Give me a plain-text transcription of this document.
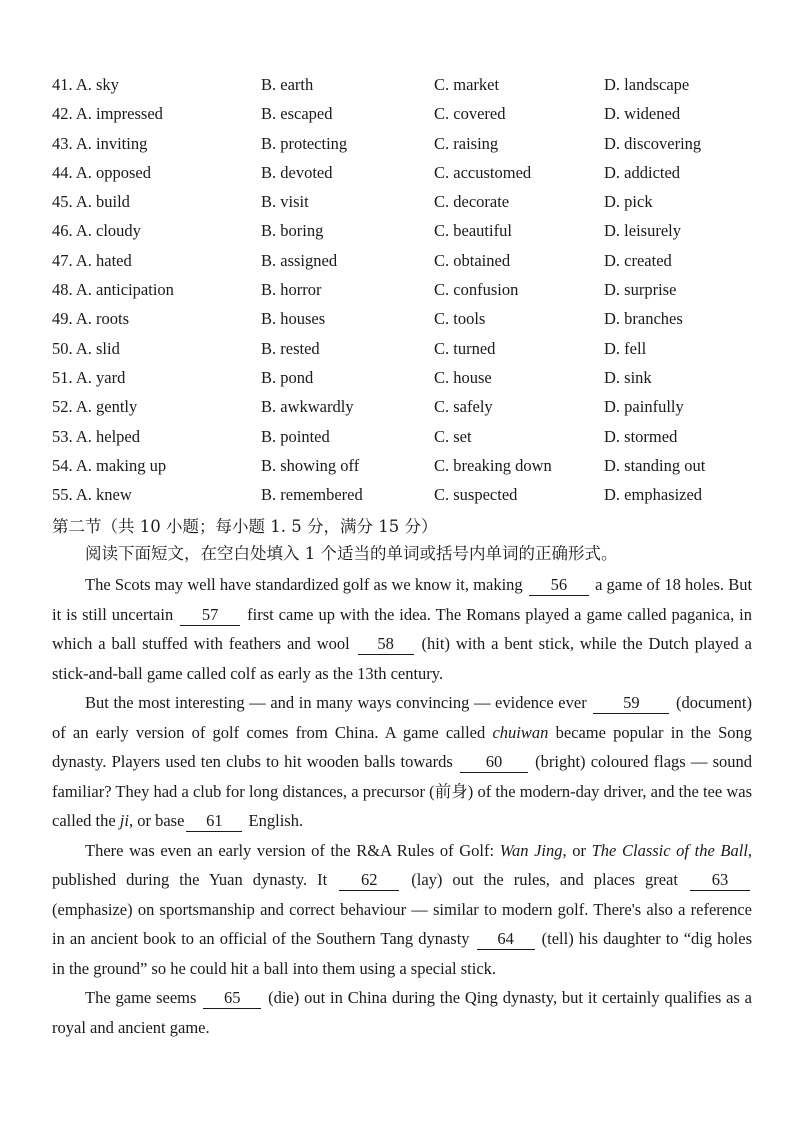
41. A. sky	B. earth	C. market	D. landscape
42. A. impressed	B. escaped	C. covered	D. widened
43. A. inviting	B. protecting	C. raising	D. discovering
44. A. opposed	B. devoted	C. accustomed	D. addicted
45. A. build	B. visit	C. decorate	D. pick
46. A. cloudy	B. boring	C. beautiful	D. leisurely
47. A. hated	B. assigned	C. obtained	D. created
48. A. anticipation	B. horror	C. confusion	D. surprise
49. A. roots	B. houses	C. tools	D. branches
50. A. slid	B. rested	C. turned	D. fell
51. A. yard	B. pond	C. house	D. sink
52. A. gently	B. awkwardly	C. safely	D. painfully
53. A. helped	B. pointed	C. set	D. stormed
54. A. making up	B. showing off	C. breaking down	D. standing out
55. A. knew	B. remembered	C. suspected	D. emphasized
第二节（共 10 小题；每小题 1. 5 分，满分 15 分）
阅读下面短文，在空白处填入 1 个适当的单词或括号内单词的正确形式。

The Scots may well have standardized golf as we know it, making 56 a game of 18 holes. But it is still uncertain 57 first came up with the idea. The Romans played a game called paganica, in which a ball stuffed with feathers and wool 58 (hit) with a bent stick, while the Dutch played a stick-and-ball game called colf as early as the 13th century.

But the most interesting — and in many ways convincing — evidence ever 59 (document) of an early version of golf comes from China. A game called chuiwan became popular in the Song dynasty. Players used ten clubs to hit wooden balls towards 60 (bright) coloured flags — sound familiar? They had a club for long distances, a precursor (前身) of the modern-day driver, and the tee was called the ji, or base 61 English.

There was even an early version of the R&A Rules of Golf: Wan Jing, or The Classic of the Ball, published during the Yuan dynasty. It 62 (lay) out the rules, and places great 63 (emphasize) on sportsmanship and correct behaviour — similar to modern golf. There's also a reference in an ancient book to an official of the Southern Tang dynasty 64 (tell) his daughter to “dig holes in the ground” so he could hit a ball into them using a special stick.

The game seems 65 (die) out in China during the Qing dynasty, but it certainly qualifies as a royal and ancient game.
